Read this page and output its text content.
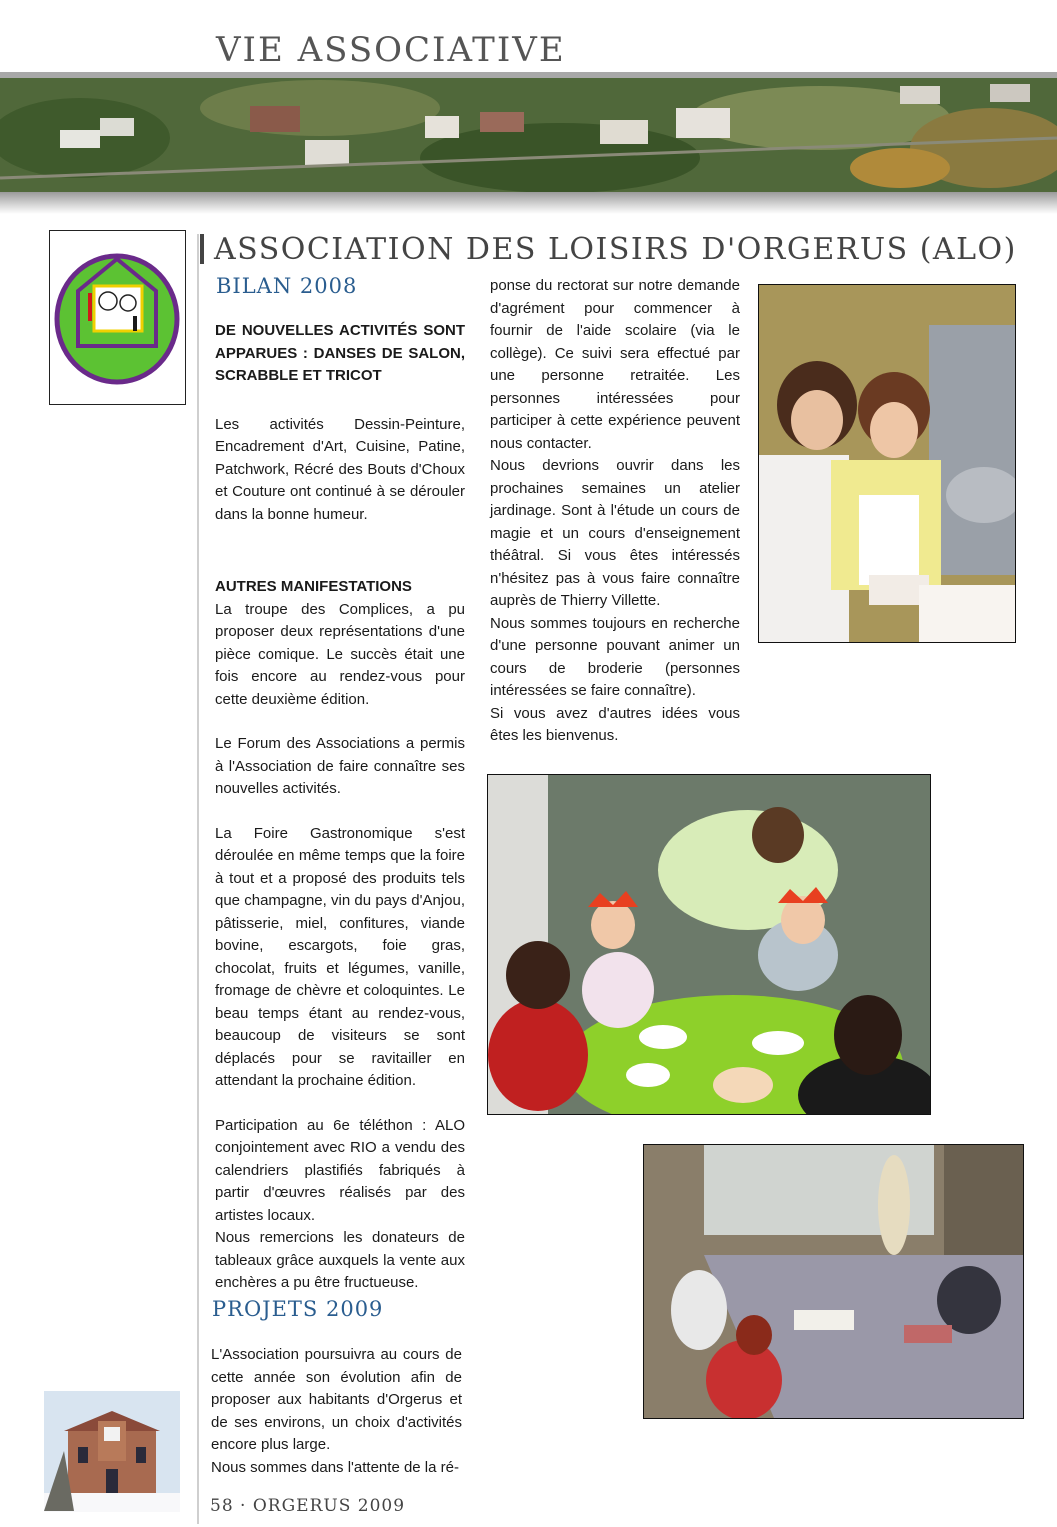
VIE ASSOCIATIVE
ASSOCIATION DES LOISIRS D'ORGERUS (ALO)
BILAN 2008

DE NOUVELLES ACTIVITÉS SONT APPARUES : DANSES DE SALON, SCRABBLE ET TRICOT

Les activités Dessin-Peinture, Encadrement d'Art, Cuisine, Patine, Patchwork, Récré des Bouts d'Choux et Couture ont continué à se dérouler dans la bonne humeur.

AUTRES MANIFESTATIONS

La troupe des Complices, a pu proposer deux représentations d'une pièce comique. Le succès était une fois encore au rendez-vous pour cette deuxième édition.

Le Forum des Associations a permis à l'Association de faire connaître ses nouvelles activités.

La Foire Gastronomique s'est déroulée en même temps que la foire à tout et a proposé des produits tels que champagne, vin du pays d'Anjou, pâtisserie, miel, confitures, viande bovine, escargots, foie gras, chocolat, fruits et légumes, vanille, fromage de chèvre et coloquintes. Le beau temps étant au rendez-vous, beaucoup de visiteurs se sont déplacés pour se ravitailler en attendant la prochaine édition.

Participation au 6e téléthon : ALO conjointement avec RIO a vendu des calendriers plastifiés fabriqués à partir d'œuvres réalisés par des artistes locaux.

Nous remercions les donateurs de tableaux grâce auxquels la vente aux enchères a pu être fructueuse.

PROJETS 2009

L'Association poursuivra au cours de cette année son évolution afin de proposer aux habitants d'Orgerus et de ses environs, un choix d'activités encore plus large.

Nous sommes dans l'attente de la ré-

ponse du rectorat sur notre demande d'agrément pour commencer à fournir de l'aide scolaire (via le collège). Ce suivi sera effectué par une personne retraitée. Les personnes intéressées pour participer à cette expérience peuvent nous contacter.

Nous devrions ouvrir dans les prochaines semaines un atelier jardinage. Sont à l'étude un cours de magie et un cours d'enseignement théâtral. Si vous êtes intéressés n'hésitez pas à vous faire connaître auprès de Thierry Villette.

Nous sommes toujours en recherche d'une personne pouvant animer un cours de broderie (personnes intéressées se faire connaître).

Si vous avez d'autres idées vous êtes les bienvenus.

58 · ORGERUS 2009
